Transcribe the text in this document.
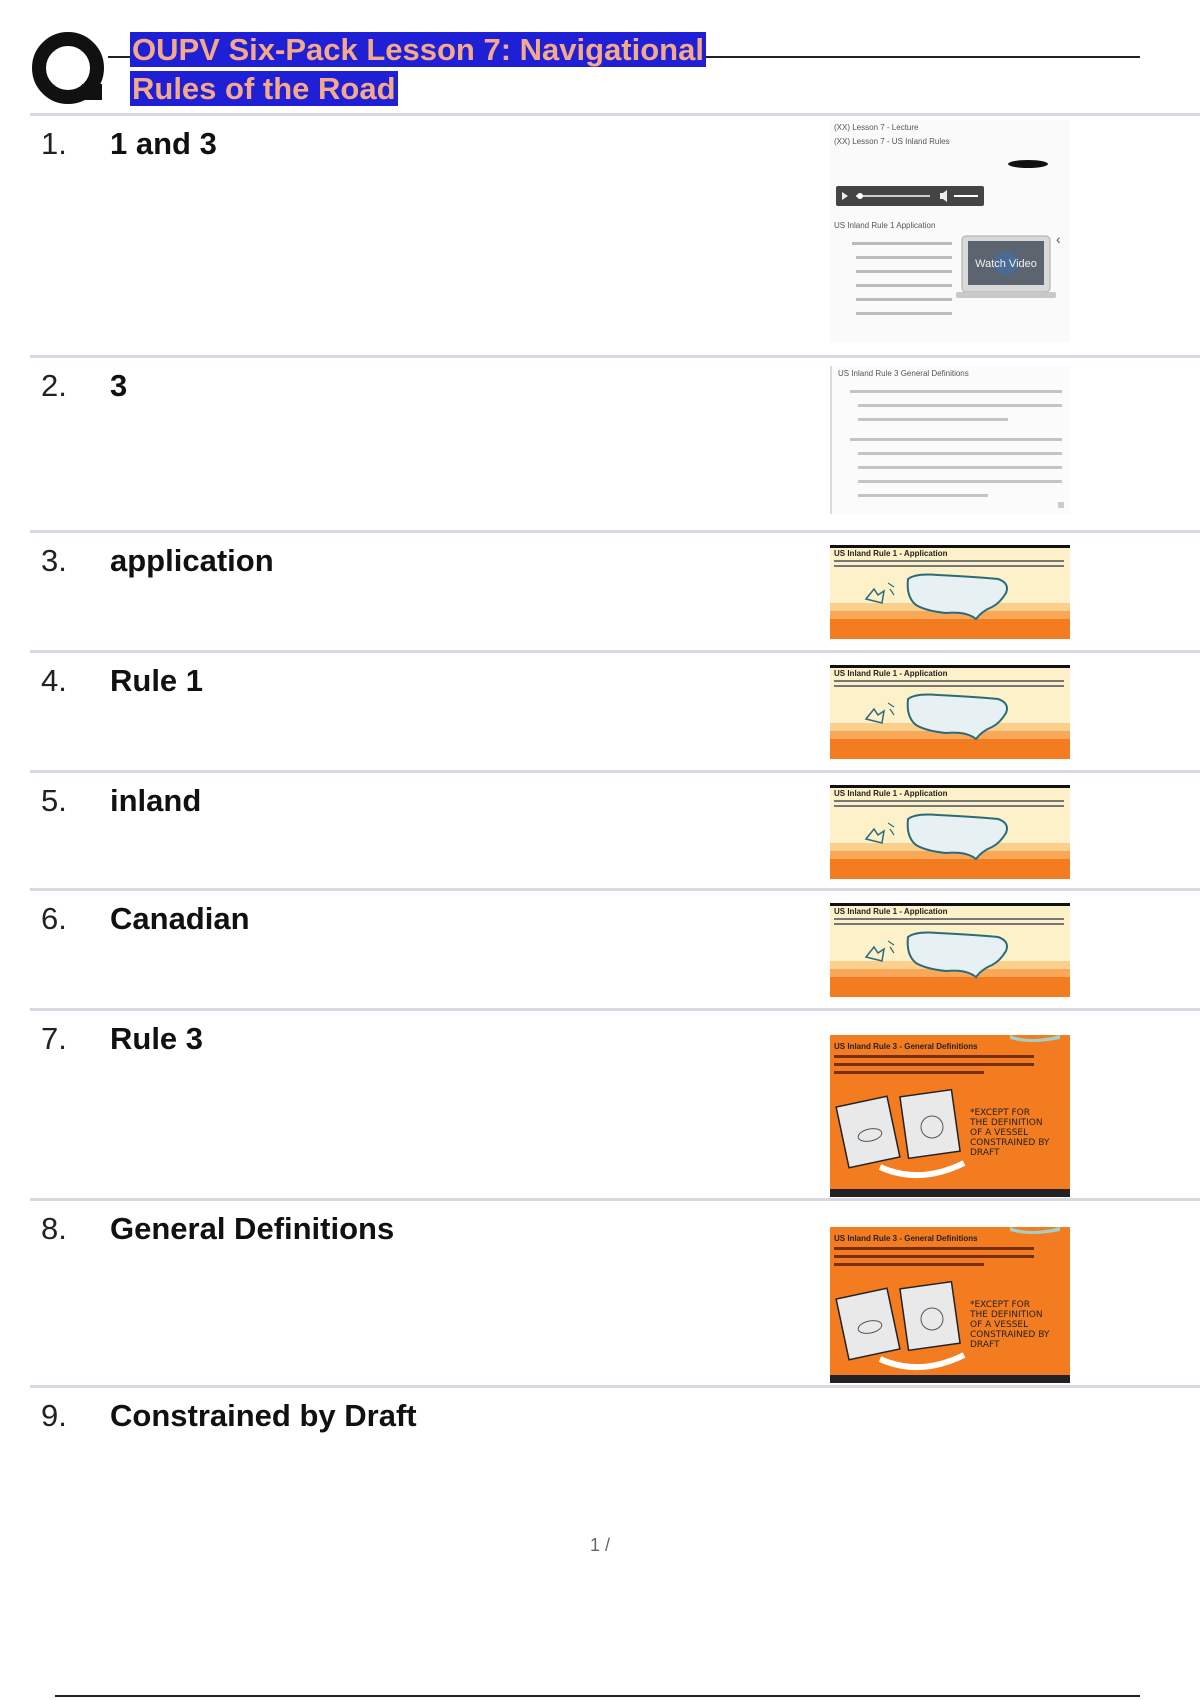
OUPV Six-Pack Lesson 7: Navigational
Rules of the Road
1. 1 and 3	(XX) Lesson 7 - Lecture
(XX) Lesson 7 - US Inland Rules
US Inland Rule 1 Application
Watch Video
‹
2. 3	US Inland Rule 3 General Definitions
3. application	US Inland Rule 1 - Application
4. Rule 1	US Inland Rule 1 - Application
5. inland	US Inland Rule 1 - Application
6. Canadian	US Inland Rule 1 - Application
7. Rule 3	US Inland Rule 3 - General Definitions
*EXCEPT FOR THE DEFINITION OF A VESSEL CONSTRAINED BY DRAFT
8. General Definitions	US Inland Rule 3 - General Definitions
*EXCEPT FOR THE DEFINITION OF A VESSEL CONSTRAINED BY DRAFT
9. Constrained by Draft
1 /
